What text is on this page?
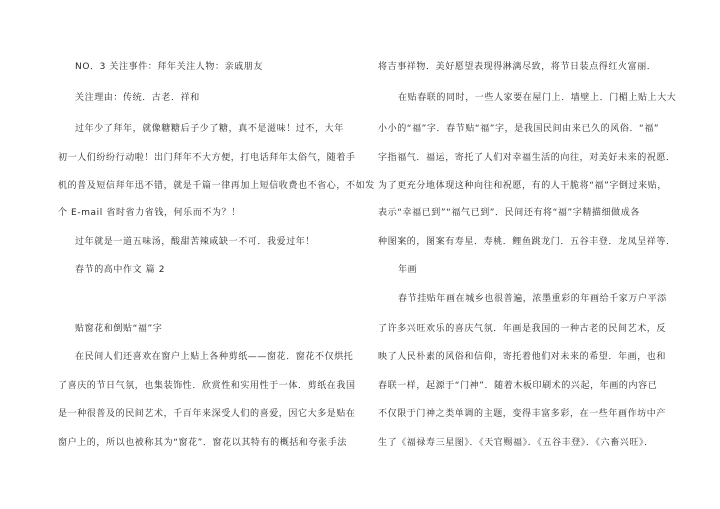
NO．3 关注事件：拜年关注人物：亲戚朋友
关注理由：传统．古老．祥和
过年少了拜年，就像糖糖后子少了糖，真不是滋味！过不，大年
初一人们纷纷行动啦！出门拜年不大方便，打电话拜年太俗气，随着手
机的普及短信拜年迅不错，就是千篇一律再加上短信收费也不省心，不如发
个 E-mail 省时省力省钱，何乐而不为？！
过年就是一道五味汤，酸甜苦辣咸缺一不可．我爱过年！
春节的高中作文 篇 2
贴窗花和倒贴“福”字
在民间人们还喜欢在窗户上贴上各种剪纸——窗花．窗花不仅烘托
了喜庆的节日气氛，也集装饰性．欣赏性和实用性于一体．剪纸在我国
是一种很普及的民间艺术，千百年来深受人们的喜爱，因它大多是贴在
窗户上的，所以也被称其为“窗花”．窗花以其特有的概括和夸张手法
将吉事祥物．美好愿望表现得淋漓尽致，将节日装点得红火富丽．
在贴春联的同时，一些人家要在屋门上．墙壁上．门楣上贴上大大
小小的“福”字．春节贴“福”字，是我国民间由来已久的风俗．“福”
字指福气．福运，寄托了人们对幸福生活的向往，对美好未来的祝愿．
为了更充分地体现这种向往和祝愿，有的人干脆将“福”字倒过来贴，
表示“幸福已到”“福气已到”．民间还有将“福”字精描细做成各
种图案的，图案有寿星．寿桃．鲤鱼跳龙门．五谷丰登．龙凤呈祥等．
年画
春节挂贴年画在城乡也很普遍，浓墨重彩的年画给千家万户平添
了许多兴旺欢乐的喜庆气氛．年画是我国的一种古老的民间艺术，反
映了人民朴素的风俗和信仰，寄托着他们对未来的希望．年画，也和
春联一样，起源于“门神”．随着木板印刷术的兴起，年画的内容已
不仅限于门神之类单调的主题，变得丰富多彩，在一些年画作坊中产
生了《福禄寿三星图》．《天官赐福》．《五谷丰登》．《六畜兴旺》．
